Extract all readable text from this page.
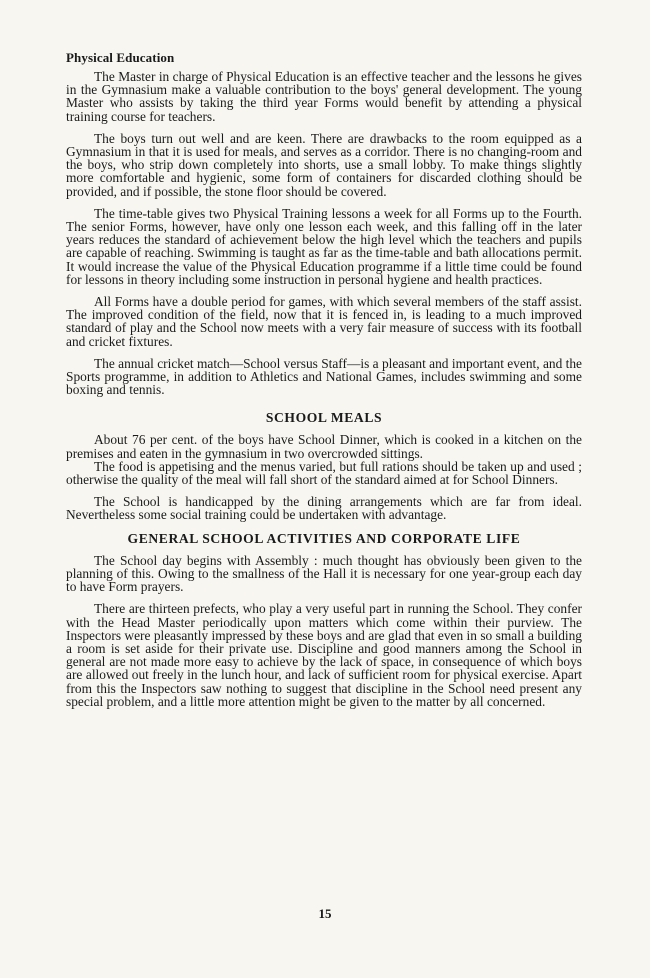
Physical Education

The Master in charge of Physical Education is an effective teacher and the lessons he gives in the Gymnasium make a valuable contribution to the boys' general development. The young Master who assists by taking the third year Forms would benefit by attending a physical training course for teachers.

The boys turn out well and are keen. There are drawbacks to the room equipped as a Gymnasium in that it is used for meals, and serves as a corridor. There is no changing-room and the boys, who strip down completely into shorts, use a small lobby. To make things slightly more comfortable and hygienic, some form of containers for discarded clothing should be provided, and if possible, the stone floor should be covered.

The time-table gives two Physical Training lessons a week for all Forms up to the Fourth. The senior Forms, however, have only one lesson each week, and this falling off in the later years reduces the standard of achievement below the high level which the teachers and pupils are capable of reaching. Swimming is taught as far as the time-table and bath allocations permit. It would increase the value of the Physical Education programme if a little time could be found for lessons in theory including some instruction in personal hygiene and health practices.

All Forms have a double period for games, with which several members of the staff assist. The improved condition of the field, now that it is fenced in, is leading to a much improved standard of play and the School now meets with a very fair measure of success with its football and cricket fixtures.

The annual cricket match—School versus Staff—is a pleasant and important event, and the Sports programme, in addition to Athletics and National Games, includes swimming and some boxing and tennis.

SCHOOL MEALS

About 76 per cent. of the boys have School Dinner, which is cooked in a kitchen on the premises and eaten in the gymnasium in two overcrowded sittings.

The food is appetising and the menus varied, but full rations should be taken up and used ; otherwise the quality of the meal will fall short of the standard aimed at for School Dinners.

The School is handicapped by the dining arrangements which are far from ideal. Nevertheless some social training could be undertaken with advantage.

GENERAL SCHOOL ACTIVITIES AND CORPORATE LIFE

The School day begins with Assembly : much thought has obviously been given to the planning of this. Owing to the smallness of the Hall it is necessary for one year-group each day to have Form prayers.

There are thirteen prefects, who play a very useful part in running the School. They confer with the Head Master periodically upon matters which come within their purview. The Inspectors were pleasantly impressed by these boys and are glad that even in so small a building a room is set aside for their private use. Discipline and good manners among the School in general are not made more easy to achieve by the lack of space, in consequence of which boys are allowed out freely in the lunch hour, and lack of sufficient room for physical exercise. Apart from this the Inspectors saw nothing to suggest that discipline in the School need present any special problem, and a little more attention might be given to the matter by all concerned.

15
